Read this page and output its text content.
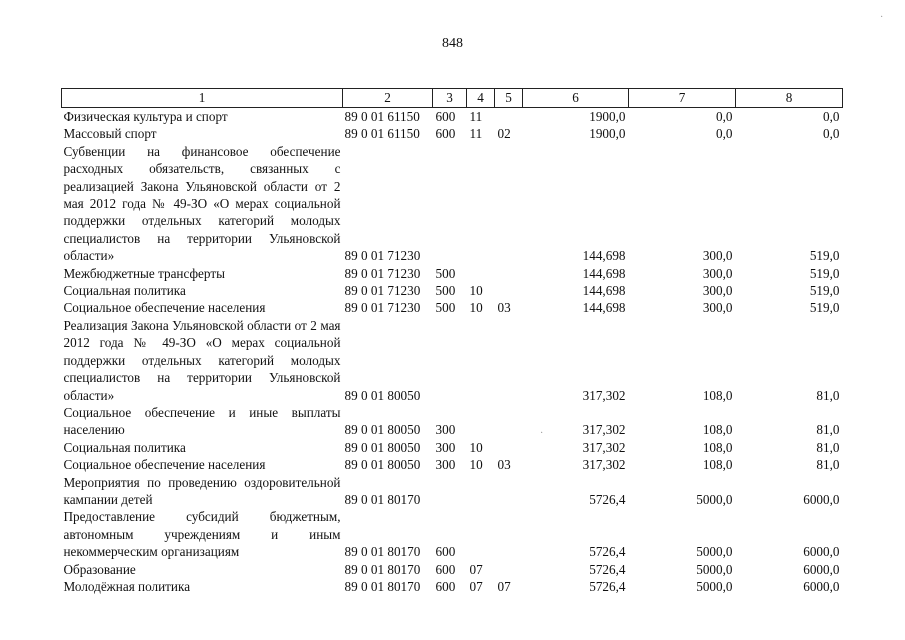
848
1	2	3	4	5	6	7	8
Физическая культура и спорт	89 0 01 61150	600	11		1900,0	0,0	0,0
Массовый спорт	89 0 01 61150	600	11	02	1900,0	0,0	0,0
Субвенции на финансовое обеспечение расходных обязательств, связанных с реализацией Закона Ульяновской области от 2 мая 2012 года № 49-ЗО «О мерах социальной поддержки отдельных категорий молодых специалистов на территории Ульяновской области»	89 0 01 71230				144,698	300,0	519,0
Межбюджетные трансферты	89 0 01 71230	500			144,698	300,0	519,0
Социальная политика	89 0 01 71230	500	10		144,698	300,0	519,0
Социальное обеспечение населения	89 0 01 71230	500	10	03	144,698	300,0	519,0
Реализация Закона Ульяновской области от 2 мая 2012 года № 49-ЗО «О мерах социальной поддержки отдельных категорий молодых специалистов на территории Ульяновской области»	89 0 01 80050				317,302	108,0	81,0
Социальное обеспечение и иные выплаты населению	89 0 01 80050	300			317,302	108,0	81,0
Социальная политика	89 0 01 80050	300	10		317,302	108,0	81,0
Социальное обеспечение населения	89 0 01 80050	300	10	03	317,302	108,0	81,0
Мероприятия по проведению оздоровительной кампании детей	89 0 01 80170				5726,4	5000,0	6000,0
Предоставление субсидий бюджетным, автономным учреждениям и иным некоммерческим организациям	89 0 01 80170	600			5726,4	5000,0	6000,0
Образование	89 0 01 80170	600	07		5726,4	5000,0	6000,0
Молодёжная политика	89 0 01 80170	600	07	07	5726,4	5000,0	6000,0
·
·
